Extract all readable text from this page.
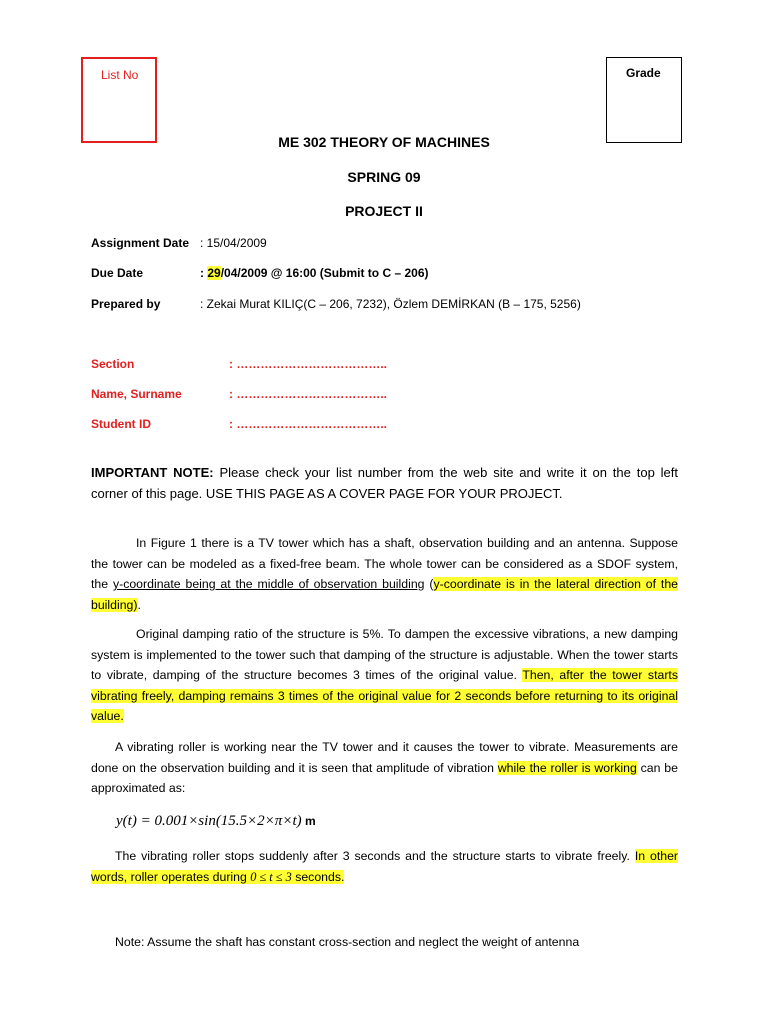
List No	Grade
ME 302 THEORY OF MACHINES
SPRING 09
PROJECT II
Assignment Date : 15/04/2009
Due Date	: 29/04/2009 @ 16:00 (Submit to C – 206)
Prepared by	: Zekai Murat KILIÇ(C – 206, 7232), Özlem DEMİRKAN (B – 175, 5256)
Section	: ………………………………..
Name, Surname	: ………………………………..
Student ID	: ………………………………..
IMPORTANT NOTE: Please check your list number from the web site and write it on the top left corner of this page. USE THIS PAGE AS A COVER PAGE FOR YOUR PROJECT.
In Figure 1 there is a TV tower which has a shaft, observation building and an antenna. Suppose the tower can be modeled as a fixed-free beam. The whole tower can be considered as a SDOF system, the y-coordinate being at the middle of observation building (y-coordinate is in the lateral direction of the building).
Original damping ratio of the structure is 5%. To dampen the excessive vibrations, a new damping system is implemented to the tower such that damping of the structure is adjustable. When the tower starts to vibrate, damping of the structure becomes 3 times of the original value. Then, after the tower starts vibrating freely, damping remains 3 times of the original value for 2 seconds before returning to its original value.
A vibrating roller is working near the TV tower and it causes the tower to vibrate. Measurements are done on the observation building and it is seen that amplitude of vibration while the roller is working can be approximated as:
y(t) = 0.001×sin(15.5×2×π×t) m
The vibrating roller stops suddenly after 3 seconds and the structure starts to vibrate freely. In other words, roller operates during 0 ≤ t ≤ 3 seconds.
Note: Assume the shaft has constant cross-section and neglect the weight of antenna
